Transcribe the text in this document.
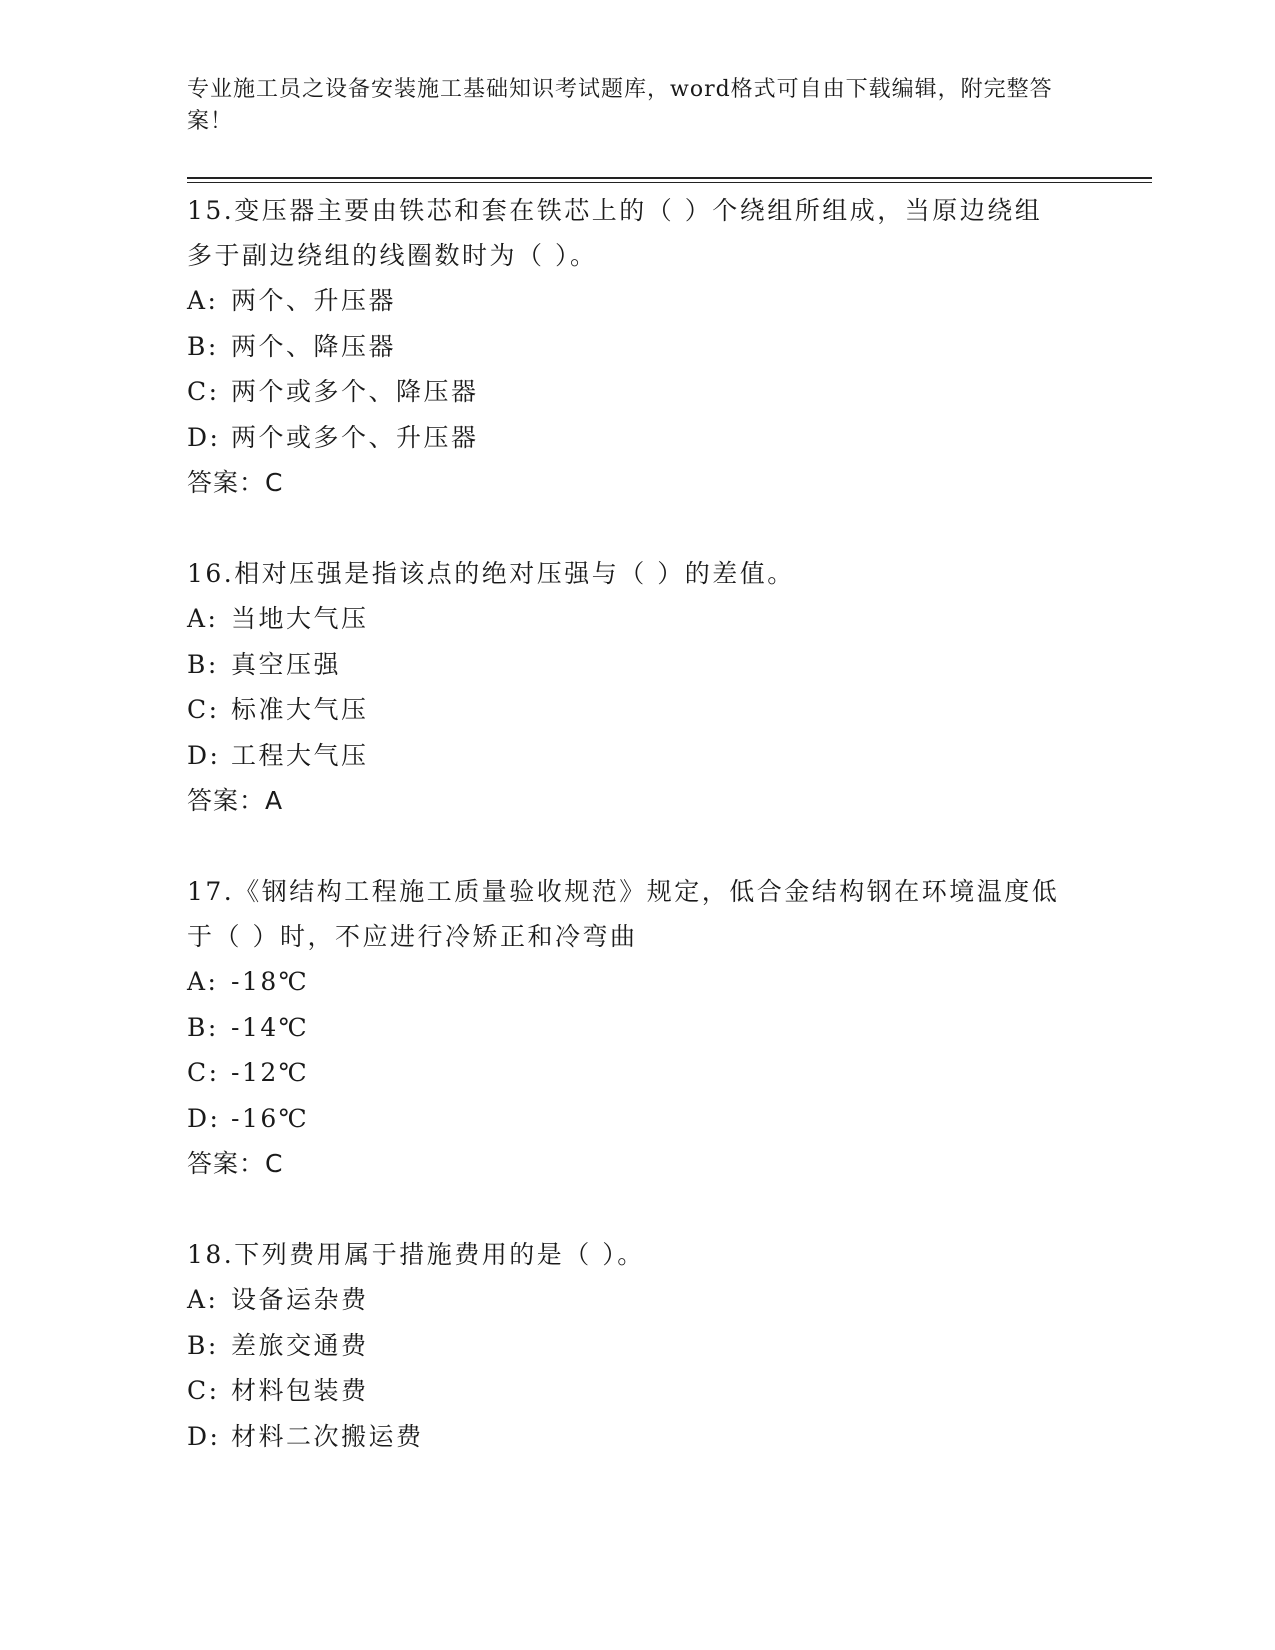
专业施工员之设备安装施工基础知识考试题库，word格式可自由下载编辑，附完整答案！
15.变压器主要由铁芯和套在铁芯上的（ ）个绕组所组成，当原边绕组多于副边绕组的线圈数时为（ ）。
A: 两个、升压器
B: 两个、降压器
C: 两个或多个、降压器
D: 两个或多个、升压器
答案：C
16.相对压强是指该点的绝对压强与（ ）的差值。
A: 当地大气压
B: 真空压强
C: 标准大气压
D: 工程大气压
答案：A
17.《钢结构工程施工质量验收规范》规定，低合金结构钢在环境温度低于（ ）时，不应进行冷矫正和冷弯曲
A: -18℃
B: -14℃
C: -12℃
D: -16℃
答案：C
18.下列费用属于措施费用的是（ ）。
A: 设备运杂费
B: 差旅交通费
C: 材料包装费
D: 材料二次搬运费
